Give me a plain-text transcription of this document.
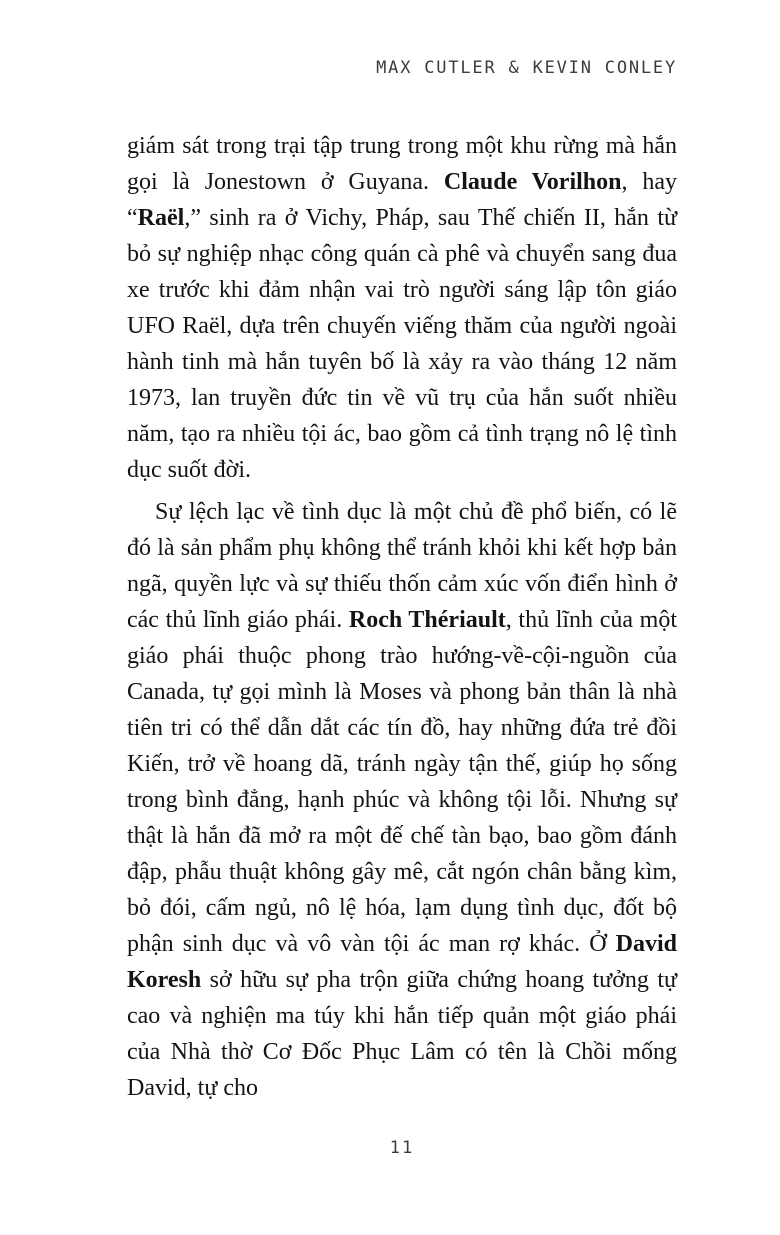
MAX CUTLER & KEVIN CONLEY

giám sát trong trại tập trung trong một khu rừng mà hắn gọi là Jonestown ở Guyana. Claude Vorilhon, hay “Raël,” sinh ra ở Vichy, Pháp, sau Thế chiến II, hắn từ bỏ sự nghiệp nhạc công quán cà phê và chuyển sang đua xe trước khi đảm nhận vai trò người sáng lập tôn giáo UFO Raël, dựa trên chuyến viếng thăm của người ngoài hành tinh mà hắn tuyên bố là xảy ra vào tháng 12 năm 1973, lan truyền đức tin về vũ trụ của hắn suốt nhiều năm, tạo ra nhiều tội ác, bao gồm cả tình trạng nô lệ tình dục suốt đời.

Sự lệch lạc về tình dục là một chủ đề phổ biến, có lẽ đó là sản phẩm phụ không thể tránh khỏi khi kết hợp bản ngã, quyền lực và sự thiếu thốn cảm xúc vốn điển hình ở các thủ lĩnh giáo phái. Roch Thériault, thủ lĩnh của một giáo phái thuộc phong trào hướng-về-cội-nguồn của Canada, tự gọi mình là Moses và phong bản thân là nhà tiên tri có thể dẫn dắt các tín đồ, hay những đứa trẻ đồi Kiến, trở về hoang dã, tránh ngày tận thế, giúp họ sống trong bình đẳng, hạnh phúc và không tội lỗi. Nhưng sự thật là hắn đã mở ra một đế chế tàn bạo, bao gồm đánh đập, phẫu thuật không gây mê, cắt ngón chân bằng kìm, bỏ đói, cấm ngủ, nô lệ hóa, lạm dụng tình dục, đốt bộ phận sinh dục và vô vàn tội ác man rợ khác. Ở David Koresh sở hữu sự pha trộn giữa chứng hoang tưởng tự cao và nghiện ma túy khi hắn tiếp quản một giáo phái của Nhà thờ Cơ Đốc Phục Lâm có tên là Chồi mống David, tự cho

11
